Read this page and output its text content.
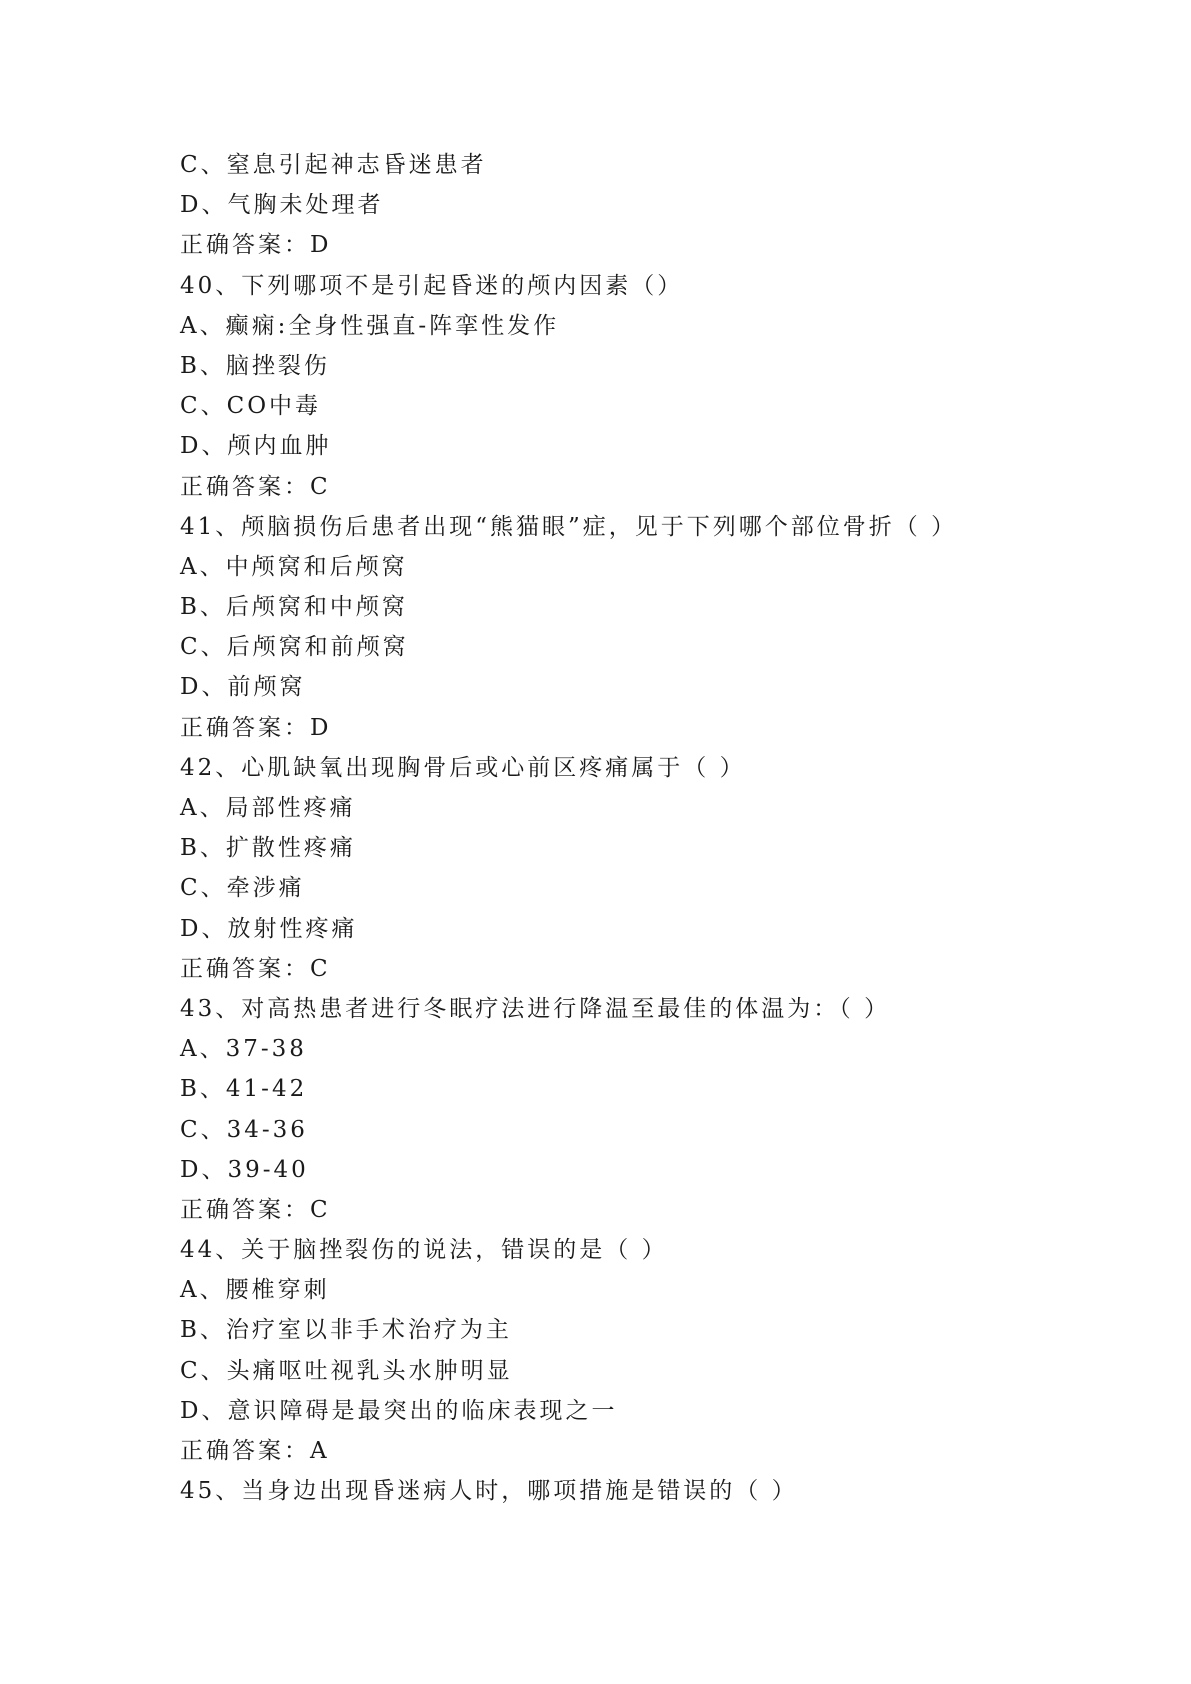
C、窒息引起神志昏迷患者
D、气胸未处理者
正确答案：D
40、下列哪项不是引起昏迷的颅内因素（）
A、癫痫:全身性强直-阵挛性发作
B、脑挫裂伤
C、CO中毒
D、颅内血肿
正确答案：C
41、颅脑损伤后患者出现“熊猫眼”症，见于下列哪个部位骨折（ ）
A、中颅窝和后颅窝
B、后颅窝和中颅窝
C、后颅窝和前颅窝
D、前颅窝
正确答案：D
42、心肌缺氧出现胸骨后或心前区疼痛属于（ ）
A、局部性疼痛
B、扩散性疼痛
C、牵涉痛
D、放射性疼痛
正确答案：C
43、对高热患者进行冬眠疗法进行降温至最佳的体温为：（ ）
A、37-38
B、41-42
C、34-36
D、39-40
正确答案：C
44、关于脑挫裂伤的说法，错误的是（ ）
A、腰椎穿刺
B、治疗室以非手术治疗为主
C、头痛呕吐视乳头水肿明显
D、意识障碍是最突出的临床表现之一
正确答案：A
45、当身边出现昏迷病人时，哪项措施是错误的（ ）
